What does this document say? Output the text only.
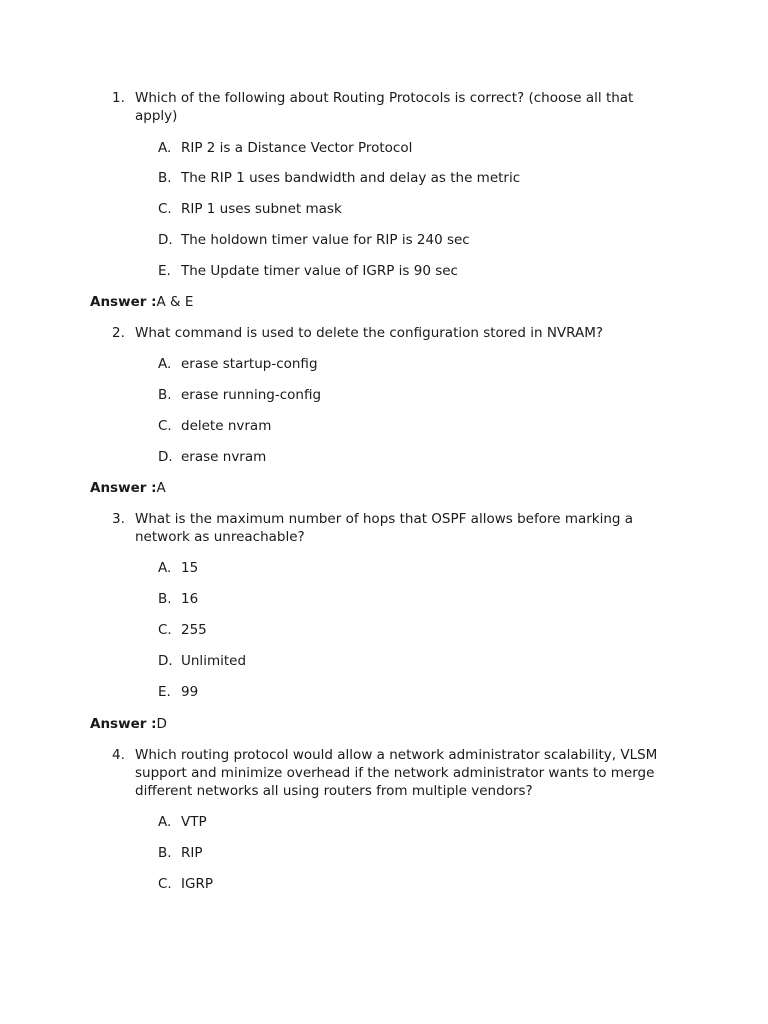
1. Which of the following about Routing Protocols is correct? (choose all that apply)
A. RIP 2 is a Distance Vector Protocol
B. The RIP 1 uses bandwidth and delay as the metric
C. RIP 1 uses subnet mask
D. The holdown timer value for RIP is 240 sec
E. The Update timer value of IGRP is 90 sec
Answer :A & E
2. What command is used to delete the configuration stored in NVRAM?
A. erase startup-config
B. erase running-config
C. delete nvram
D. erase nvram
Answer :A
3. What is the maximum number of hops that OSPF allows before marking a network as unreachable?
A. 15
B. 16
C. 255
D. Unlimited
E. 99
Answer :D
4. Which routing protocol would allow a network administrator scalability, VLSM support and minimize overhead if the network administrator wants to merge different networks all using routers from multiple vendors?
A. VTP
B. RIP
C. IGRP
